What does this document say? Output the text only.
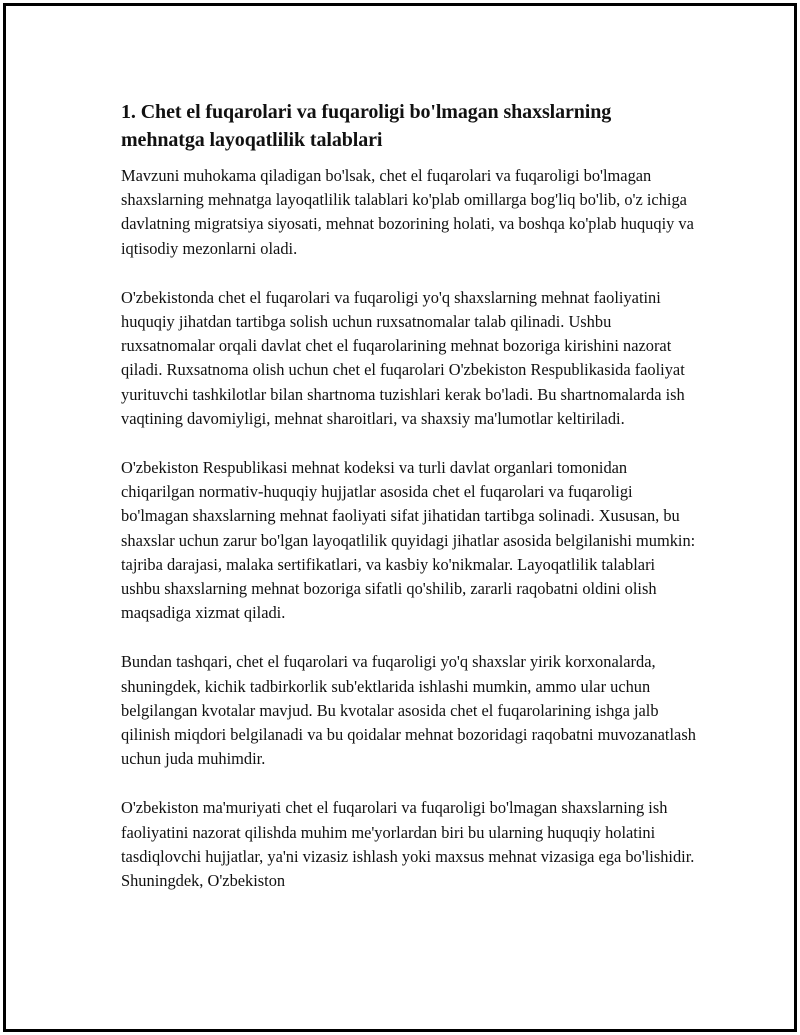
1. Chet el fuqarolari va fuqaroligi bo'lmagan shaxslarning mehnatga layoqatlilik talablari

Mavzuni muhokama qiladigan bo'lsak, chet el fuqarolari va fuqaroligi bo'lmagan shaxslarning mehnatga layoqatlilik talablari ko'plab omillarga bog'liq bo'lib, o'z ichiga davlatning migratsiya siyosati, mehnat bozorining holati, va boshqa ko'plab huquqiy va iqtisodiy mezonlarni oladi.

O'zbekistonda chet el fuqarolari va fuqaroligi yo'q shaxslarning mehnat faoliyatini huquqiy jihatdan tartibga solish uchun ruxsatnomalar talab qilinadi. Ushbu ruxsatnomalar orqali davlat chet el fuqarolarining mehnat bozoriga kirishini nazorat qiladi. Ruxsatnoma olish uchun chet el fuqarolari O'zbekiston Respublikasida faoliyat yurituvchi tashkilotlar bilan shartnoma tuzishlari kerak bo'ladi. Bu shartnomalarda ish vaqtining davomiyligi, mehnat sharoitlari, va shaxsiy ma'lumotlar keltiriladi.

O'zbekiston Respublikasi mehnat kodeksi va turli davlat organlari tomonidan chiqarilgan normativ-huquqiy hujjatlar asosida chet el fuqarolari va fuqaroligi bo'lmagan shaxslarning mehnat faoliyati sifat jihatidan tartibga solinadi. Xususan, bu shaxslar uchun zarur bo'lgan layoqatlilik quyidagi jihatlar asosida belgilanishi mumkin: tajriba darajasi, malaka sertifikatlari, va kasbiy ko'nikmalar. Layoqatlilik talablari ushbu shaxslarning mehnat bozoriga sifatli qo'shilib, zararli raqobatni oldini olish maqsadiga xizmat qiladi.

Bundan tashqari, chet el fuqarolari va fuqaroligi yo'q shaxslar yirik korxonalarda, shuningdek, kichik tadbirkorlik sub'ektlarida ishlashi mumkin, ammo ular uchun belgilangan kvotalar mavjud. Bu kvotalar asosida chet el fuqarolarining ishga jalb qilinish miqdori belgilanadi va bu qoidalar mehnat bozoridagi raqobatni muvozanatlash uchun juda muhimdir.

O'zbekiston ma'muriyati chet el fuqarolari va fuqaroligi bo'lmagan shaxslarning ish faoliyatini nazorat qilishda muhim me'yorlardan biri bu ularning huquqiy holatini tasdiqlovchi hujjatlar, ya'ni vizasiz ishlash yoki maxsus mehnat vizasiga ega bo'lishidir. Shuningdek, O'zbekiston
